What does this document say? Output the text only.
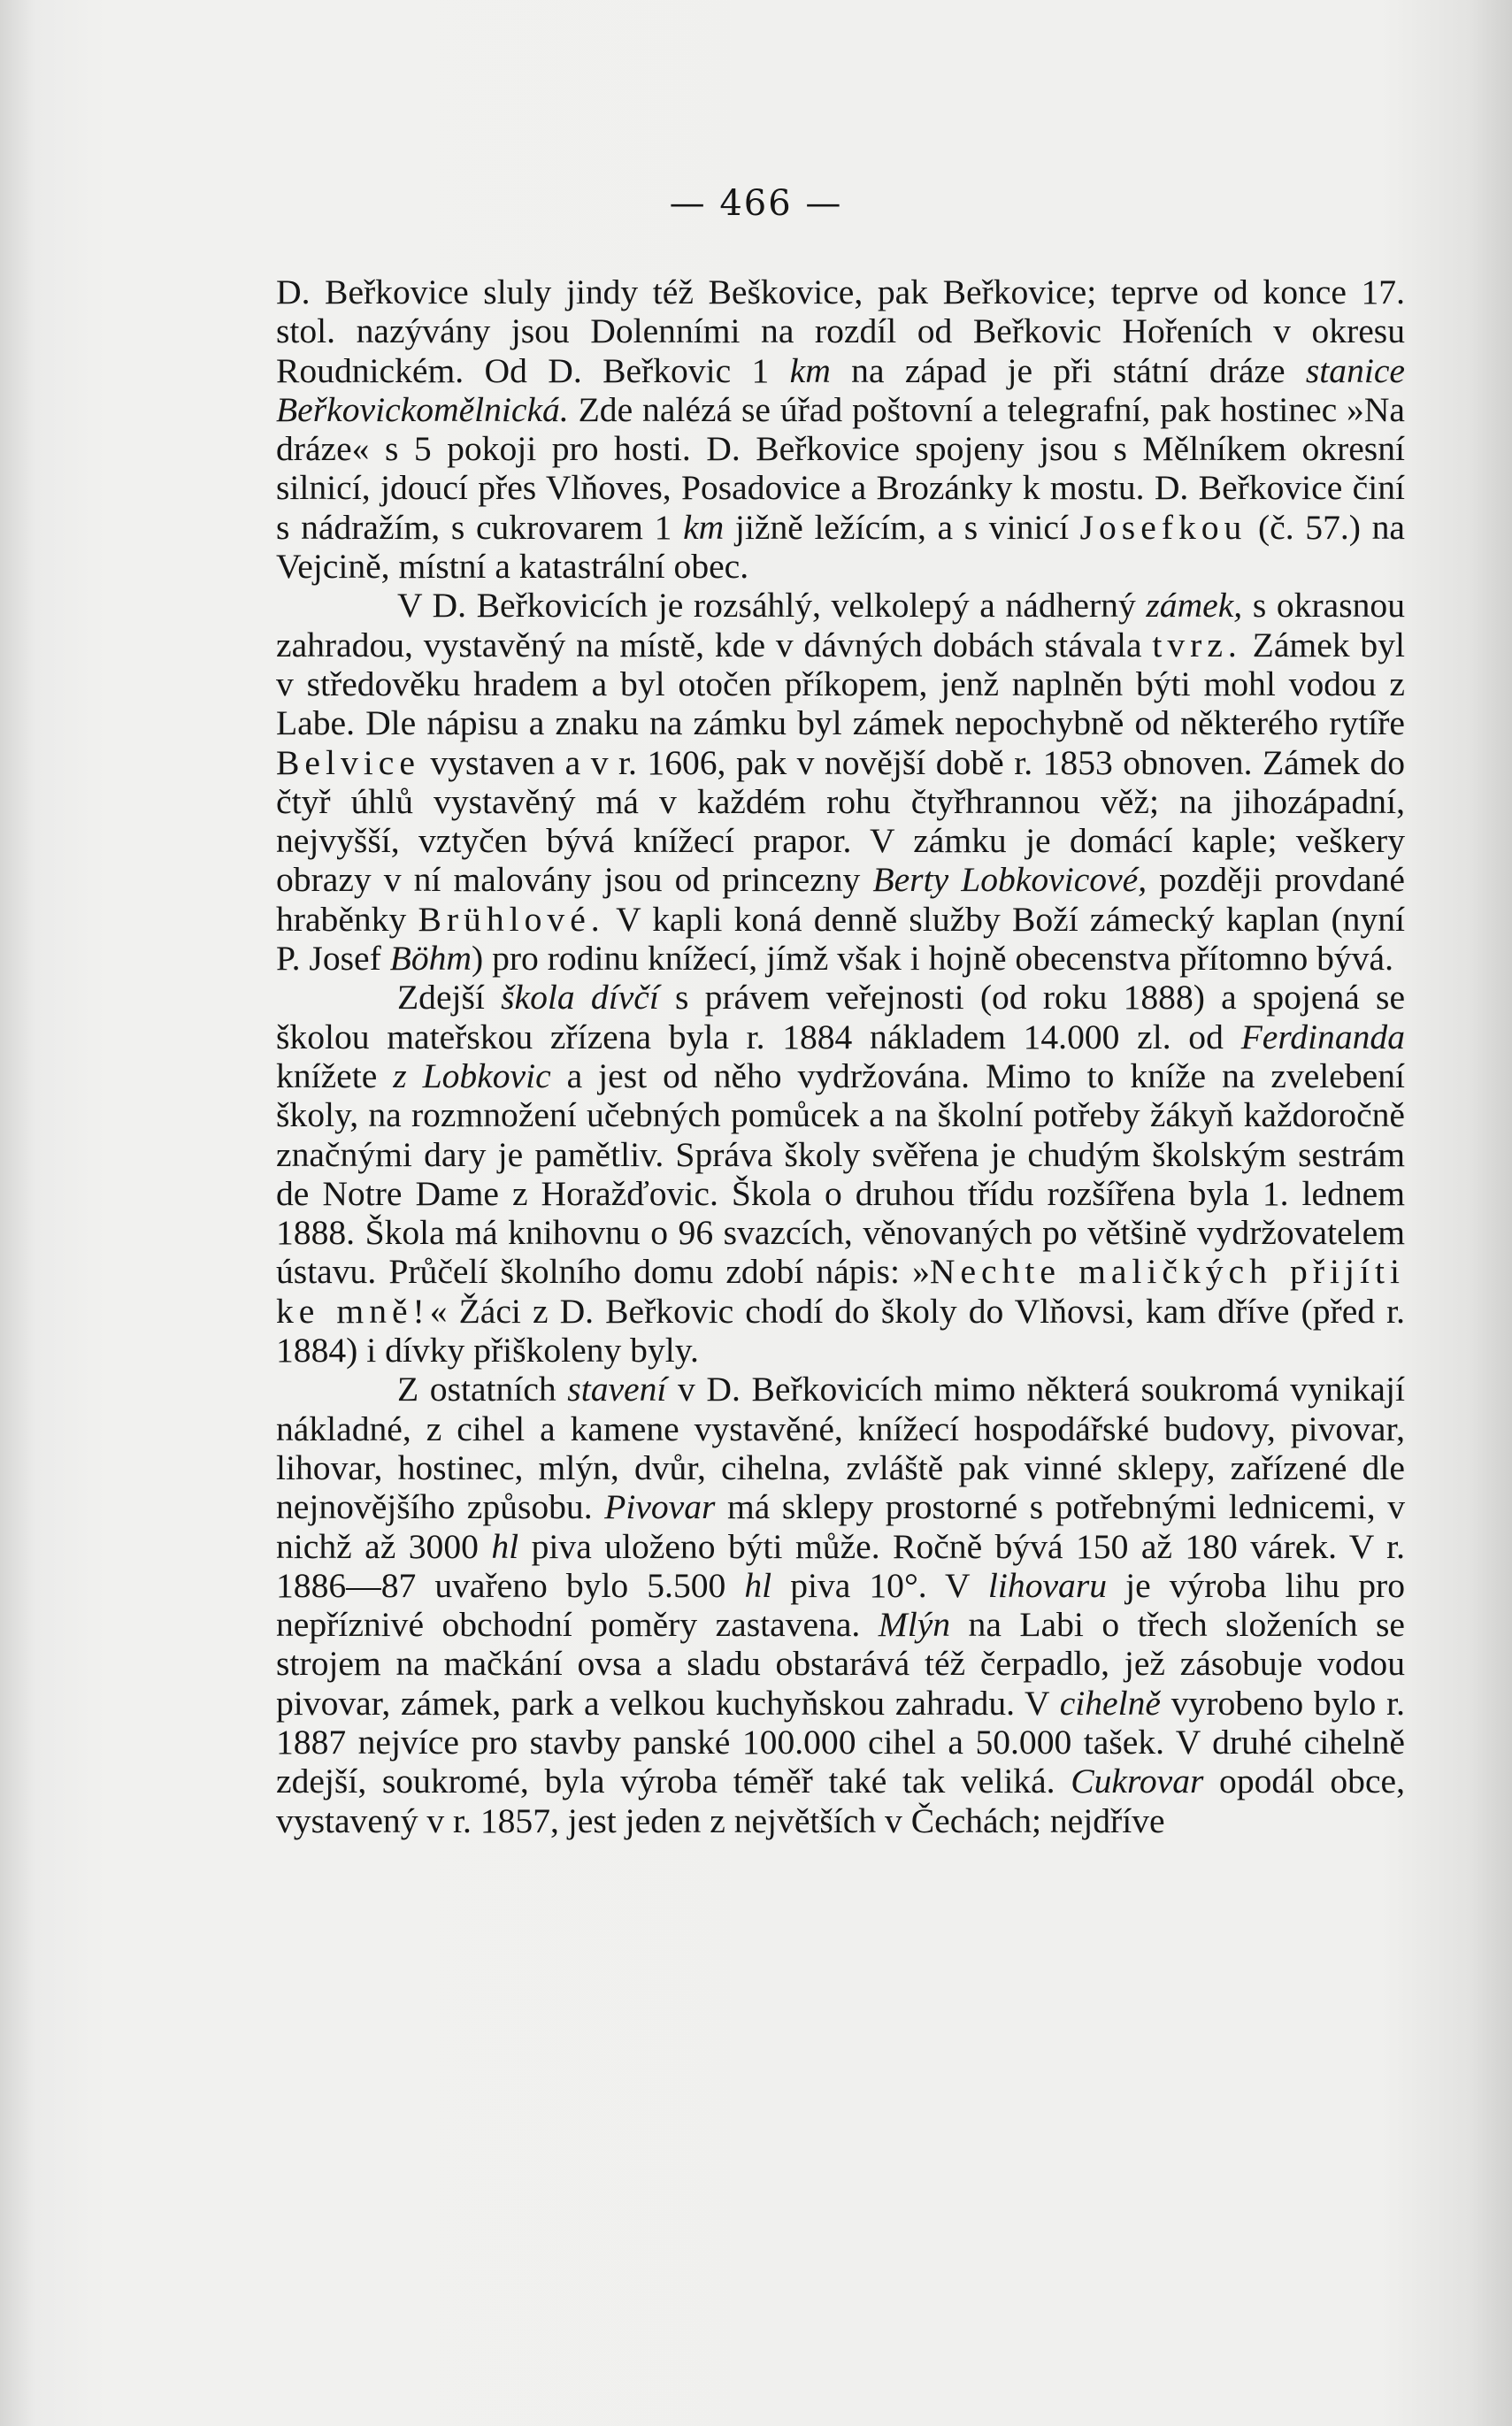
— 466 —

D. Beřkovice sluly jindy též Beškovice, pak Beřkovice; teprve od konce 17. stol. nazývány jsou Dolenními na rozdíl od Beřkovic Hořeních v okresu Roudnickém. Od D. Beřkovic 1 km na západ je při státní dráze stanice Beřkovickomělnická. Zde nalézá se úřad poštovní a telegrafní, pak hostinec »Na dráze« s 5 pokoji pro hosti. D. Beřkovice spojeny jsou s Mělníkem okresní silnicí, jdoucí přes Vlňoves, Posadovice a Brozánky k mostu. D. Beřkovice činí s nádražím, s cukrovarem 1 km jižně ležícím, a s vinicí Josefkou (č. 57.) na Vejcině, místní a katastrální obec.

V D. Beřkovicích je rozsáhlý, velkolepý a nádherný zámek, s okrasnou zahradou, vystavěný na místě, kde v dávných dobách stávala tvrz. Zámek byl v středověku hradem a byl otočen příkopem, jenž naplněn býti mohl vodou z Labe. Dle nápisu a znaku na zámku byl zámek nepochybně od některého rytíře Belvice vystaven a v r. 1606, pak v novější době r. 1853 obnoven. Zámek do čtyř úhlů vystavěný má v každém rohu čtyřhrannou věž; na jihozápadní, nejvyšší, vztyčen bývá knížecí prapor. V zámku je domácí kaple; veškery obrazy v ní malovány jsou od princezny Berty Lobkovicové, později provdané hraběnky Brühlové. V kapli koná denně služby Boží zámecký kaplan (nyní P. Josef Böhm) pro rodinu knížecí, jímž však i hojně obecenstva přítomno bývá.

Zdejší škola dívčí s právem veřejnosti (od roku 1888) a spojená se školou mateřskou zřízena byla r. 1884 nákladem 14.000 zl. od Ferdinanda knížete z Lobkovic a jest od něho vydržována. Mimo to kníže na zvelebení školy, na rozmnožení učebných pomůcek a na školní potřeby žákyň každoročně značnými dary je pamětliv. Správa školy svěřena je chudým školským sestrám de Notre Dame z Horažďovic. Škola o druhou třídu rozšířena byla 1. lednem 1888. Škola má knihovnu o 96 svazcích, věnovaných po většině vydržovatelem ústavu. Průčelí školního domu zdobí nápis: »Nechte maličkých přijíti ke mně!« Žáci z D. Beřkovic chodí do školy do Vlňovsi, kam dříve (před r. 1884) i dívky přiškoleny byly.

Z ostatních stavení v D. Beřkovicích mimo některá soukromá vynikají nákladné, z cihel a kamene vystavěné, knížecí hospodářské budovy, pivovar, lihovar, hostinec, mlýn, dvůr, cihelna, zvláště pak vinné sklepy, zařízené dle nejnovějšího způsobu. Pivovar má sklepy prostorné s potřebnými lednicemi, v nichž až 3000 hl piva uloženo býti může. Ročně bývá 150 až 180 várek. V r. 1886—87 uvařeno bylo 5.500 hl piva 10°. V lihovaru je výroba lihu pro nepříznivé obchodní poměry zastavena. Mlýn na Labi o třech složeních se strojem na mačkání ovsa a sladu obstarává též čerpadlo, jež zásobuje vodou pivovar, zámek, park a velkou kuchyňskou zahradu. V cihelně vyrobeno bylo r. 1887 nejvíce pro stavby panské 100.000 cihel a 50.000 tašek. V druhé cihelně zdejší, soukromé, byla výroba téměř také tak veliká. Cukrovar opodál obce, vystavený v r. 1857, jest jeden z největších v Čechách; nejdříve
